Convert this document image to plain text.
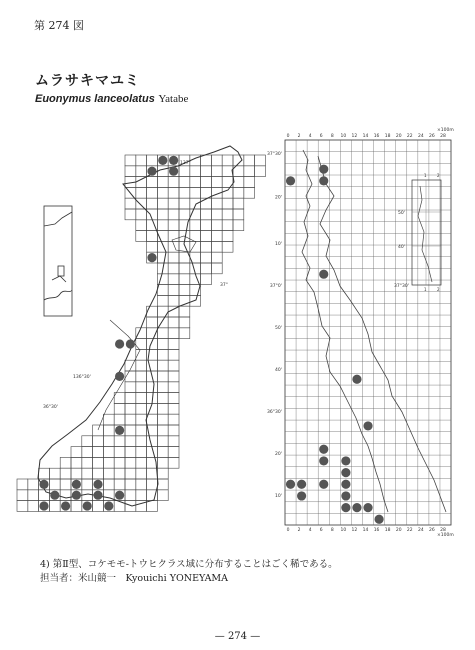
第 274 図
ムラサキマユミ
Euonymus lanceolatus Yatabe
137°
37°
136°30'
36°30'
×100m
37°30'
20'
10'
37°0'
50'
40'
36°30'
20'
10'
0
0
2
2
4
4
6
6
8
8
10
10
12
12
14
14
16
16
18
18
20
20
22
22
24
24
26
26
28
28
×100m
50'
40'
37°30'
1	2
1	2
4) 第Ⅱ型、コケモモ-トウヒクラス域に分布することはごく稀である。
担当者：米山競一　Kyouichi YONEYAMA
— 274 —
